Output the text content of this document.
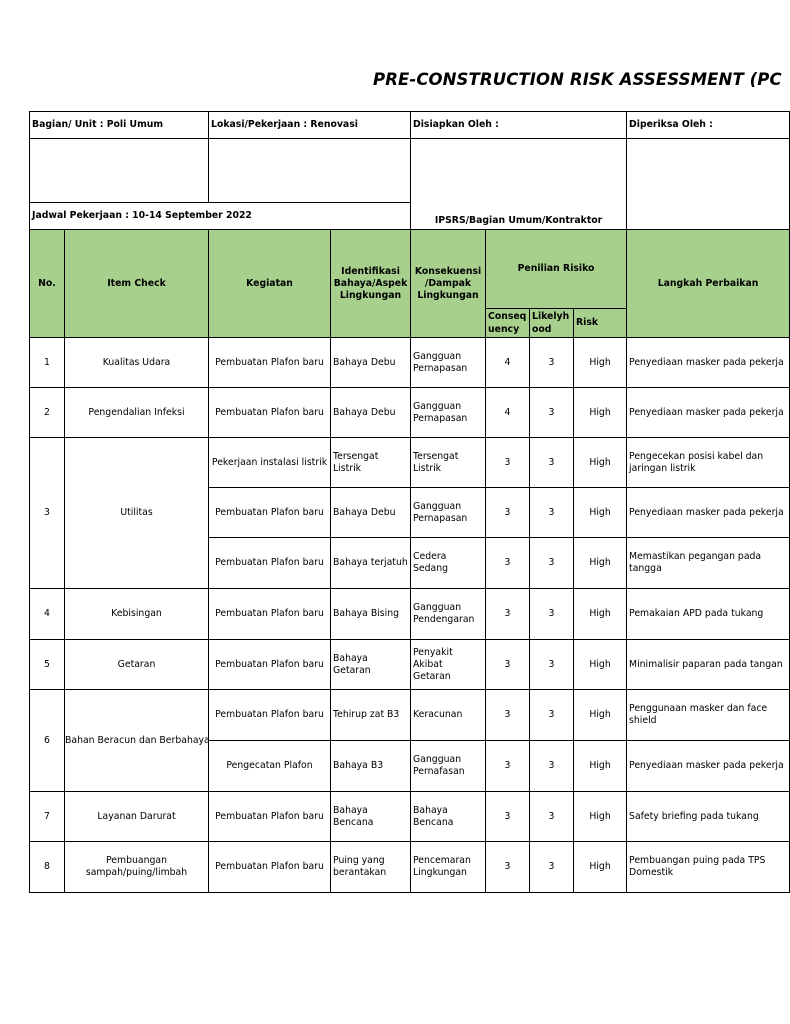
PRE-CONSTRUCTION RISK ASSESSMENT (PC
Bagian/ Unit : Poli Umum		Lokasi/Pekerjaan : Renovasi		Disiapkan Oleh :				Diperiksa Oleh :
				IPSRS/Bagian Umum/Kontraktor				
Jadwal Pekerjaan : 10-14 September 2022								
No.	Item Check	Kegiatan	Identifikasi Bahaya/Aspek Lingkungan	Konsekuensi /Dampak Lingkungan	Penilian Risiko			Langkah Perbaikan
					Consequency	Likelyhood	Risk	
1	Kualitas Udara	Pembuatan Plafon baru	Bahaya Debu	Gangguan Pernapasan	4	3	High	Penyediaan masker pada pekerja
2	Pengendalian Infeksi	Pembuatan Plafon baru	Bahaya Debu	Gangguan Pernapasan	4	3	High	Penyediaan masker pada pekerja
3	Utilitas	Pekerjaan instalasi listrik	Tersengat Listrik	Tersengat Listrik	3	3	High	Pengecekan posisi kabel dan jaringan listrik
		Pembuatan Plafon baru	Bahaya Debu	Gangguan Pernapasan	3	3	High	Penyediaan masker pada pekerja
		Pembuatan Plafon baru	Bahaya terjatuh	Cedera Sedang	3	3	High	Memastikan pegangan pada tangga
4	Kebisingan	Pembuatan Plafon baru	Bahaya Bising	Gangguan Pendengaran	3	3	High	Pemakaian APD pada tukang
5	Getaran	Pembuatan Plafon baru	Bahaya Getaran	Penyakit Akibat Getaran	3	3	High	Minimalisir paparan pada tangan
6	Bahan Beracun dan Berbahaya	Pembuatan Plafon baru	Tehirup zat B3	Keracunan	3	3	High	Penggunaan masker dan face shield
		Pengecatan Plafon	Bahaya B3	Gangguan Pernafasan	3	3	High	Penyediaan masker pada pekerja
7	Layanan Darurat	Pembuatan Plafon baru	Bahaya Bencana	Bahaya Bencana	3	3	High	Safety briefing pada tukang
8	Pembuangan sampah/puing/limbah	Pembuatan Plafon baru	Puing yang berantakan	Pencemaran Lingkungan	3	3	High	Pembuangan puing pada TPS Domestik
